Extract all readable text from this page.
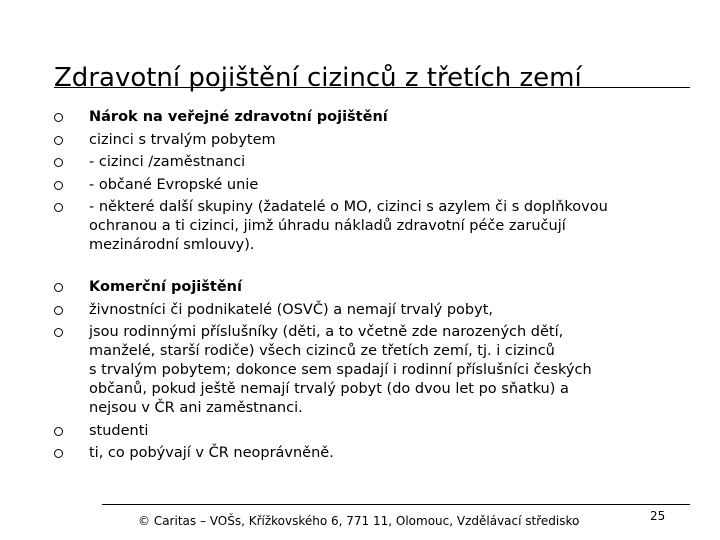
Zdravotní pojištění cizinců z třetích zemí
Nárok na veřejné zdravotní pojištění
cizinci s trvalým pobytem
- cizinci /zaměstnanci
- občané Evropské unie
- některé další skupiny (žadatelé o MO, cizinci s azylem či s doplňkovou
ochranou a ti cizinci, jimž úhradu nákladů zdravotní péče zaručují
mezinárodní smlouvy).
Komerční pojištění
živnostníci či podnikatelé (OSVČ) a nemají trvalý pobyt,
jsou rodinnými příslušníky (děti, a to včetně zde narozených dětí,
manželé, starší rodiče) všech cizinců ze třetích zemí, tj. i cizinců
s trvalým pobytem; dokonce sem spadají i rodinní příslušníci českých
občanů, pokud ještě nemají trvalý pobyt (do dvou let po sňatku) a
nejsou v ČR ani zaměstnanci.
studenti
ti, co pobývají v ČR neoprávněně.
© Caritas – VOŠs, Křížkovského 6, 771 11, Olomouc, Vzdělávací středisko	25
